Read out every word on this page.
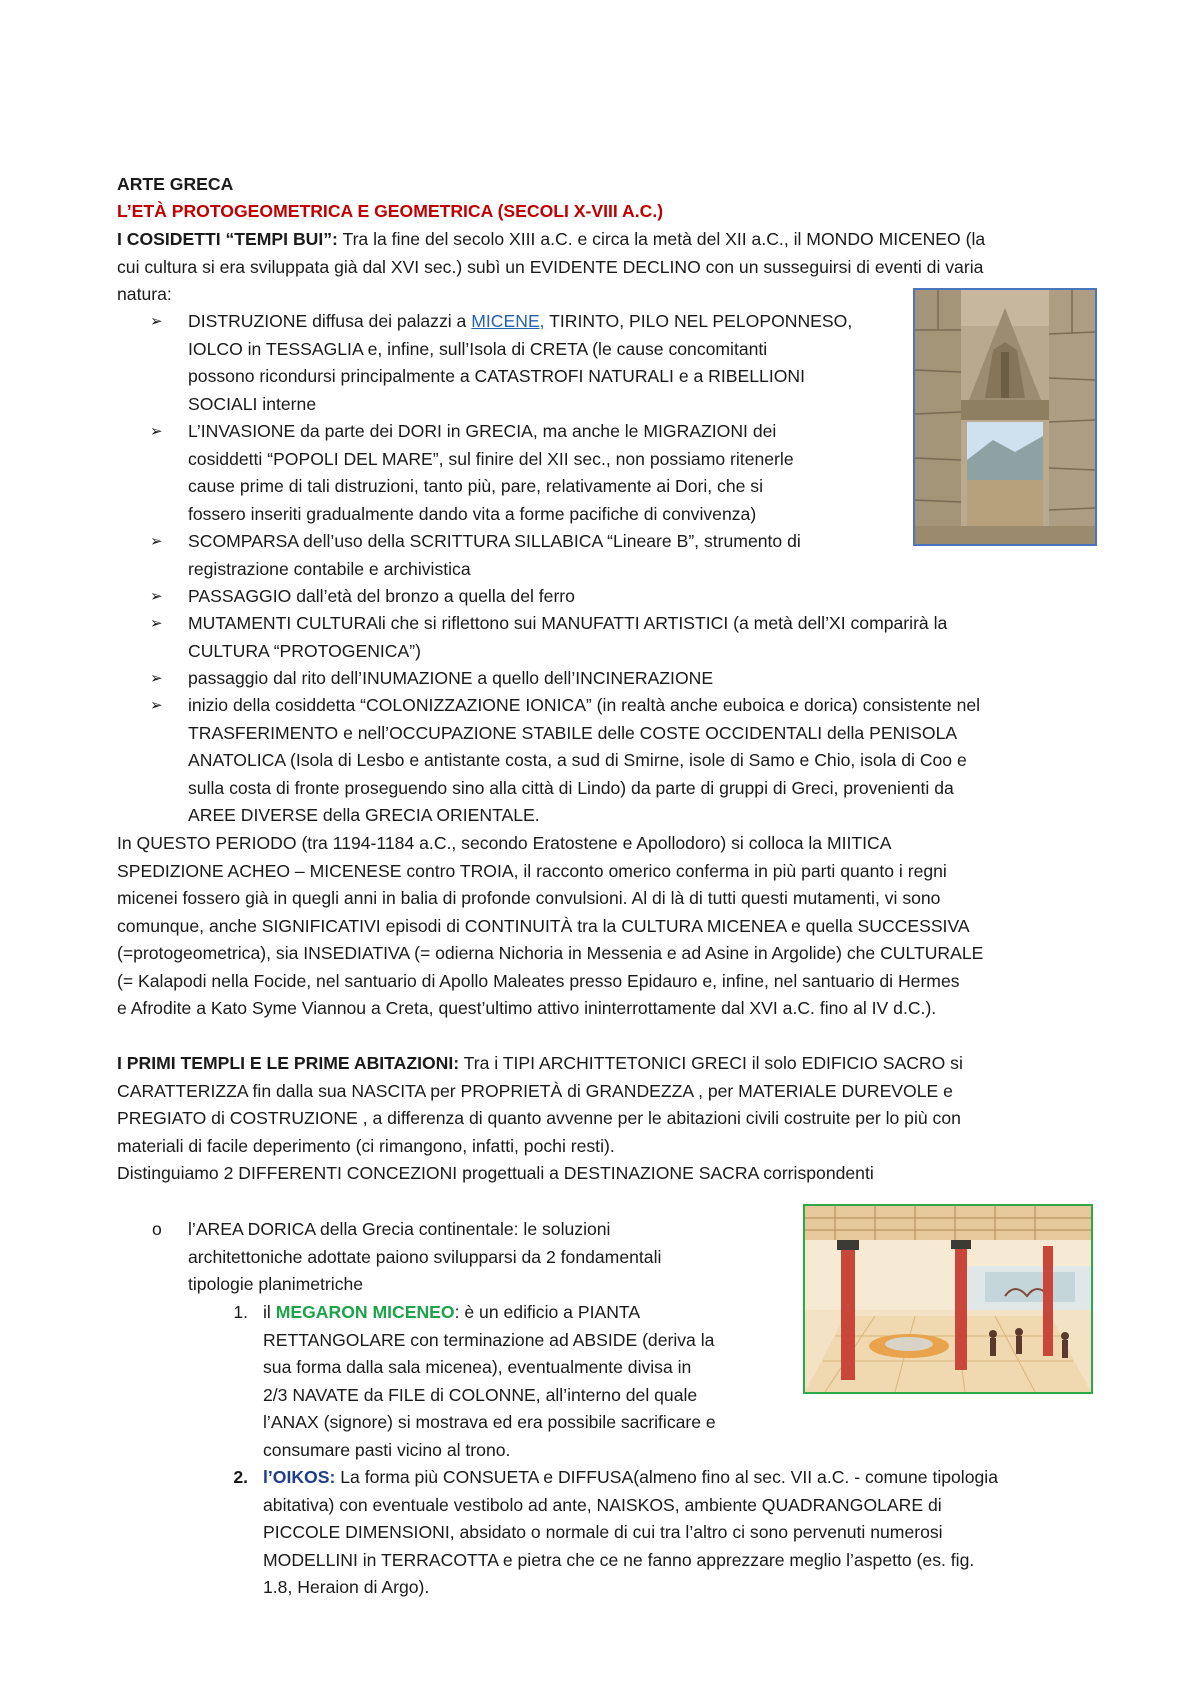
ARTE GRECA
L’ETÀ PROTOGEOMETRICA E GEOMETRICA (SECOLI X-VIII A.C.)
I COSIDETTI “TEMPI BUI”: Tra la fine del secolo XIII a.C. e circa la metà del XII a.C., il MONDO MICENEO (la
cui cultura si era sviluppata già dal XVI sec.) subì un EVIDENTE DECLINO con un susseguirsi di eventi di varia
natura:
➢	DISTRUZIONE diffusa dei palazzi a MICENE, TIRINTO, PILO NEL PELOPONNESO,
IOLCO in TESSAGLIA e, infine, sull’Isola di CRETA (le cause concomitanti
possono ricondursi principalmente a CATASTROFI NATURALI e a RIBELLIONI
SOCIALI interne
➢	L’INVASIONE da parte dei DORI in GRECIA, ma anche le MIGRAZIONI dei
cosiddetti “POPOLI DEL MARE”, sul finire del XII sec., non possiamo ritenerle
cause prime di tali distruzioni, tanto più, pare, relativamente ai Dori, che si
fossero inseriti gradualmente dando vita a forme pacifiche di convivenza)
➢	SCOMPARSA dell’uso della SCRITTURA SILLABICA “Lineare B”, strumento di
registrazione contabile e archivistica
➢	PASSAGGIO dall’età del bronzo a quella del ferro
➢	MUTAMENTI CULTURAli che si riflettono sui MANUFATTI ARTISTICI (a metà dell’XI comparirà la
CULTURA “PROTOGENICA”)
➢	passaggio dal rito dell’INUMAZIONE a quello dell’INCINERAZIONE
➢	inizio della cosiddetta “COLONIZZAZIONE IONICA” (in realtà anche euboica e dorica) consistente nel
TRASFERIMENTO e nell’OCCUPAZIONE STABILE delle COSTE OCCIDENTALI della PENISOLA
ANATOLICA (Isola di Lesbo e antistante costa, a sud di Smirne, isole di Samo e Chio, isola di Coo e
sulla costa di fronte proseguendo sino alla città di Lindo) da parte di gruppi di Greci, provenienti da
AREE DIVERSE della GRECIA ORIENTALE.
In QUESTO PERIODO (tra 1194-1184 a.C., secondo Eratostene e Apollodoro) si colloca la MIITICA
SPEDIZIONE ACHEO – MICENESE contro TROIA, il racconto omerico conferma in più parti quanto i regni
micenei fossero già in quegli anni in balia di profonde convulsioni. Al di là di tutti questi mutamenti, vi sono
comunque, anche SIGNIFICATIVI episodi di CONTINUITÀ tra la CULTURA MICENEA e quella SUCCESSIVA
(=protogeometrica), sia INSEDIATIVA (= odierna Nichoria in Messenia e ad Asine in Argolide) che CULTURALE
(= Kalapodi nella Focide, nel santuario di Apollo Maleates presso Epidauro e, infine, nel santuario di Hermes
e Afrodite a Kato Syme Viannou a Creta, quest’ultimo attivo ininterrottamente dal XVI a.C. fino al IV d.C.).
I PRIMI TEMPLI E LE PRIME ABITAZIONI: Tra i TIPI ARCHITTETONICI GRECI il solo EDIFICIO SACRO si
CARATTERIZZA fin dalla sua NASCITA per PROPRIETÀ di GRANDEZZA , per MATERIALE DUREVOLE e
PREGIATO di COSTRUZIONE , a differenza di quanto avvenne per le abitazioni civili costruite per lo più con
materiali di facile deperimento (ci rimangono, infatti, pochi resti).
Distinguiamo 2 DIFFERENTI CONCEZIONI progettuali a DESTINAZIONE SACRA corrispondenti
o l’AREA DORICA della Grecia continentale: le soluzioni
architettoniche adottate paiono svilupparsi da 2 fondamentali
tipologie planimetriche
1. il MEGARON MICENEO: è un edificio a PIANTA
RETTANGOLARE con terminazione ad ABSIDE (deriva la
sua forma dalla sala micenea), eventualmente divisa in
2/3 NAVATE da FILE di COLONNE, all’interno del quale
l’ANAX (signore) si mostrava ed era possibile sacrificare e
consumare pasti vicino al trono.
2. l’OIKOS: La forma più CONSUETA e DIFFUSA(almeno fino al sec. VII a.C. - comune tipologia
abitativa) con eventuale vestibolo ad ante, NAISKOS, ambiente QUADRANGOLARE di
PICCOLE DIMENSIONI, absidato o normale di cui tra l’altro ci sono pervenuti numerosi
MODELLINI in TERRACOTTA e pietra che ce ne fanno apprezzare meglio l’aspetto (es. fig.
1.8, Heraion di Argo).
